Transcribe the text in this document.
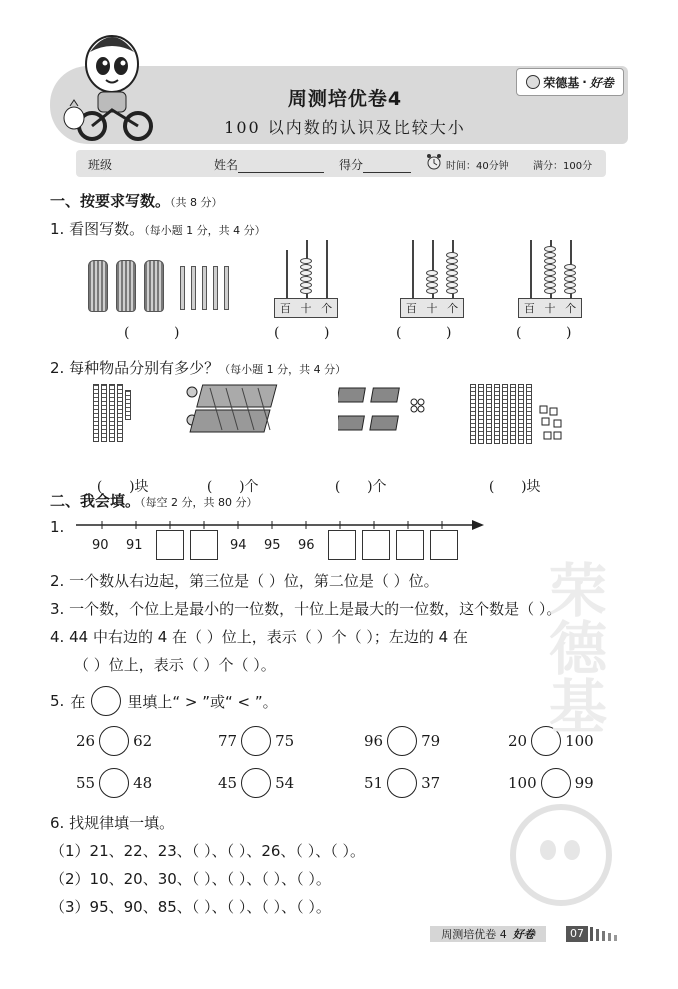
周测培优卷4
100 以内数的认识及比较大小
荣德基 · 好卷
班级	姓名	得分	时间：40分钟 满分：100分
一、按要求写数。（共 8 分）
1. 看图写数。（每小题 1 分，共 4 分）
百 十 个	百 十 个	百 十 个
(          )	(          )	(          )	(          )
2. 每种物品分别有多少？（每小题 1 分，共 4 分）

(      )块	(      )个	(      )个	(      )块

二、我会填。（每空 2 分，共 80 分）
1.
90 91	94 95 96
2. 一个数从右边起，第三位是（ ）位，第二位是（ ）位。
3. 一个数，个位上是最小的一位数，十位上是最大的一位数，这个数是（ ）。
4. 44 中右边的 4 在（ ）位上，表示（ ）个（ ）；左边的 4 在
（ ）位上，表示（ ）个（ ）。
5. 在	里填上“ > ”或“ < ”。
26	62	77	75	96	79	20	100
55	48	45	54	51	37	100	99
6. 找规律填一填。
（1）21、22、23、（ ）、（ ）、26、（ ）、（ ）。
（2）10、20、30、（ ）、（ ）、（ ）、（ ）。
（3）95、90、85、（ ）、（ ）、（ ）、（ ）。
荣德基
周测培优卷 4 好卷	07
